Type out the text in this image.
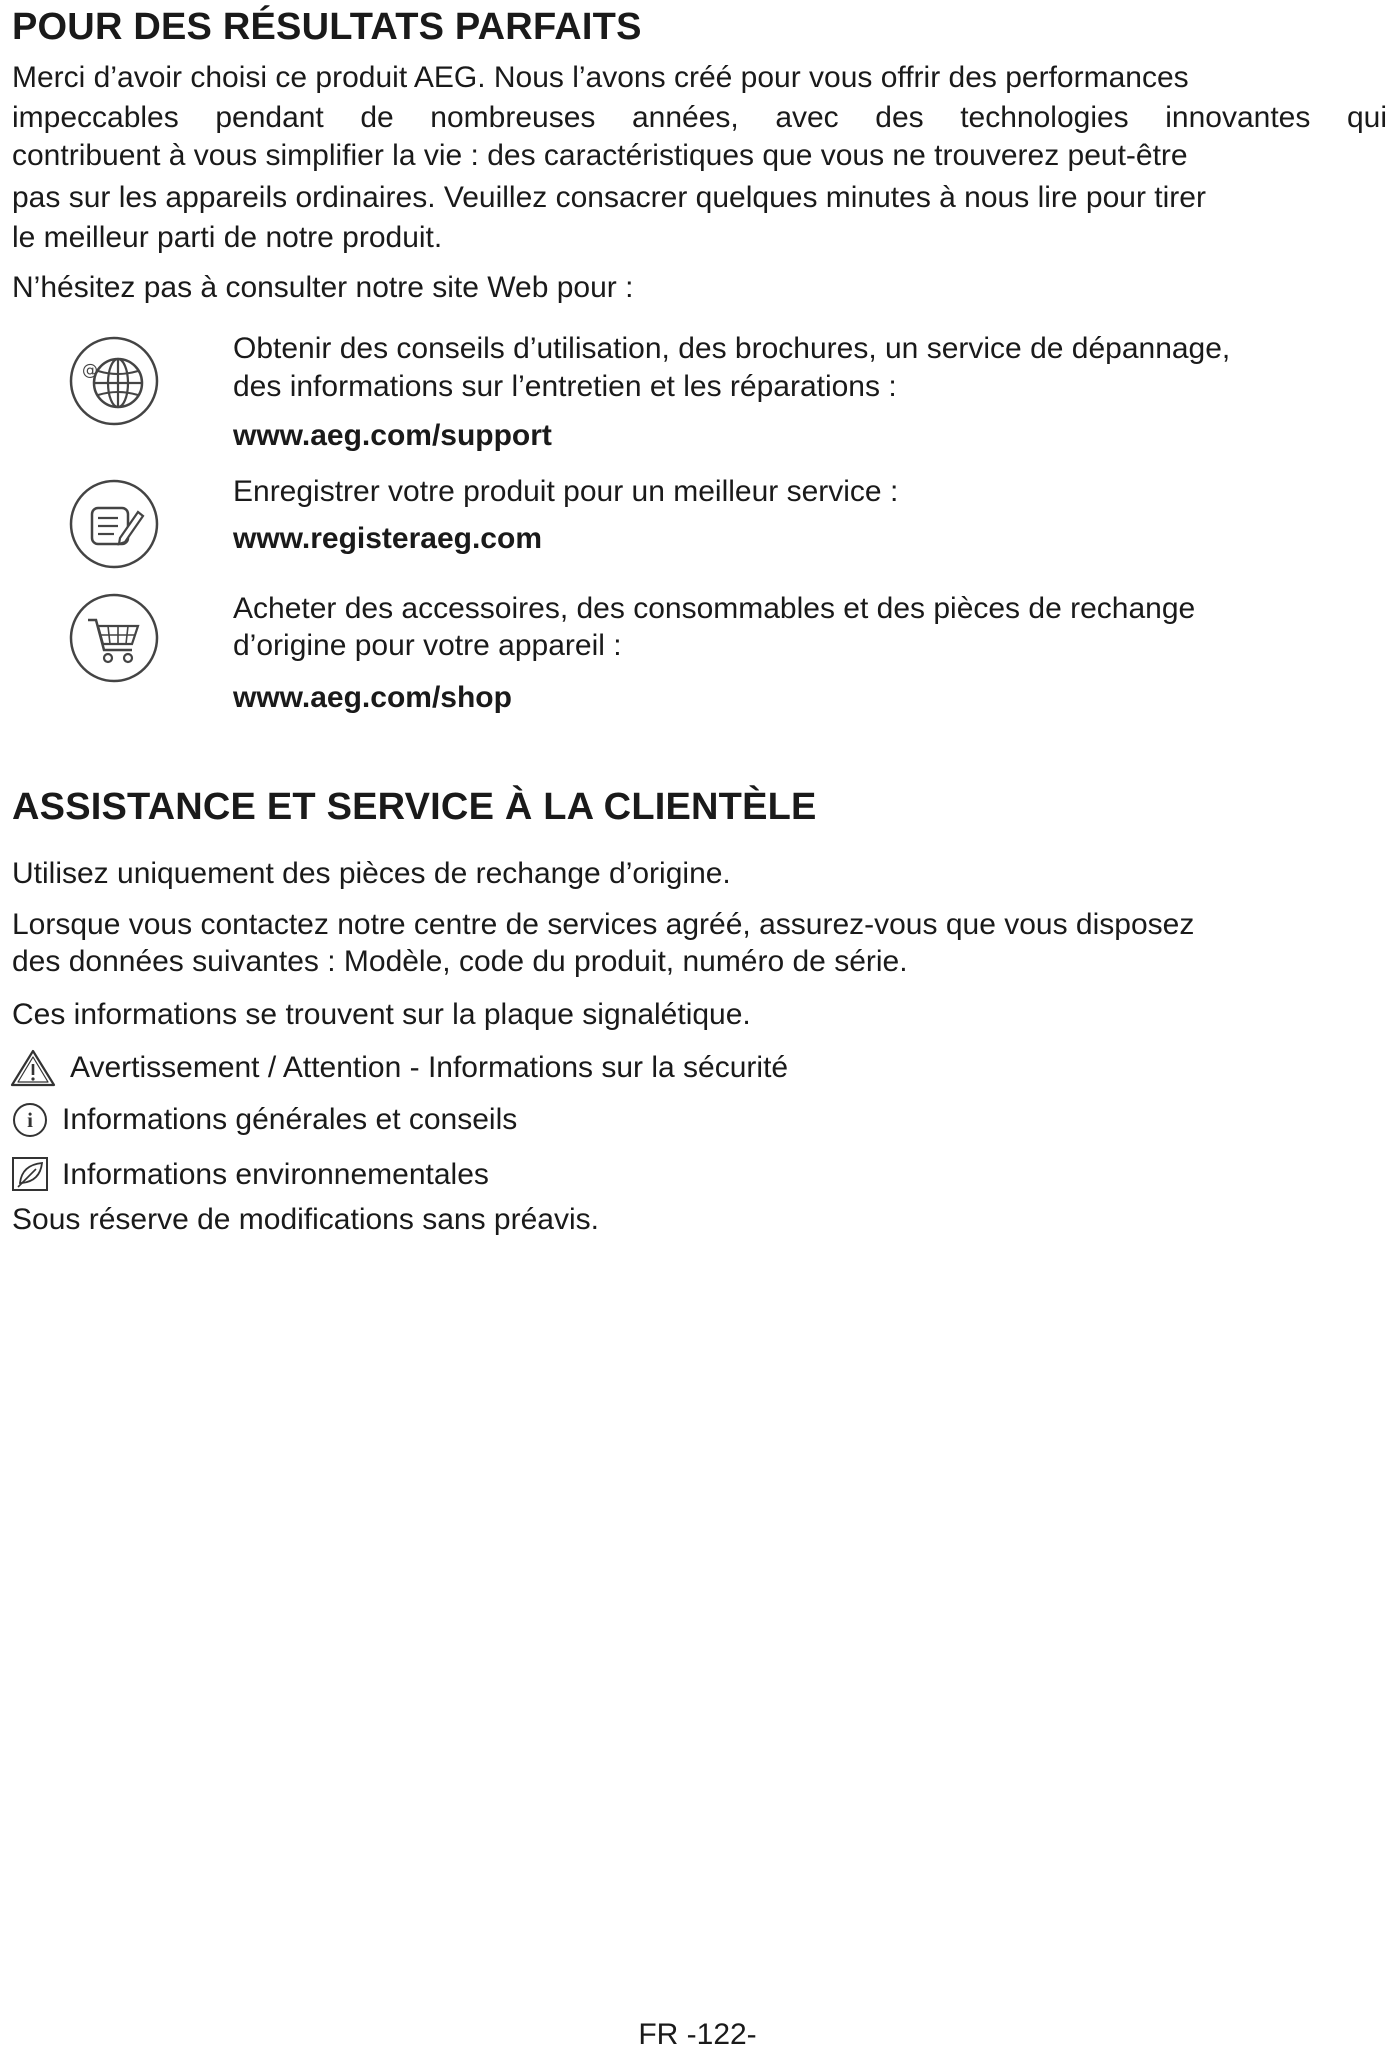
POUR DES RÉSULTATS PARFAITS

Merci d’avoir choisi ce produit AEG. Nous l’avons créé pour vous offrir des performances

impeccables pendant de nombreuses années, avec des technologies innovantes qui

contribuent à vous simplifier la vie : des caractéristiques que vous ne trouverez peut-être

pas sur les appareils ordinaires. Veuillez consacrer quelques minutes à nous lire pour tirer

le meilleur parti de notre produit.

N’hésitez pas à consulter notre site Web pour :

@

Obtenir des conseils d’utilisation, des brochures, un service de dépannage,

des informations sur l’entretien et les réparations :

www.aeg.com/support

Enregistrer votre produit pour un meilleur service :

www.registeraeg.com

Acheter des accessoires, des consommables et des pièces de rechange

d’origine pour votre appareil :

www.aeg.com/shop
ASSISTANCE ET SERVICE À LA CLIENTÈLE

Utilisez uniquement des pièces de rechange d’origine.

Lorsque vous contactez notre centre de services agréé, assurez-vous que vous disposez

des données suivantes : Modèle, code du produit, numéro de série.

Ces informations se trouvent sur la plaque signalétique.

Avertissement / Attention - Informations sur la sécurité
i Informations générales et conseils
Informations environnementales

Sous réserve de modifications sans préavis.

FR -122-
